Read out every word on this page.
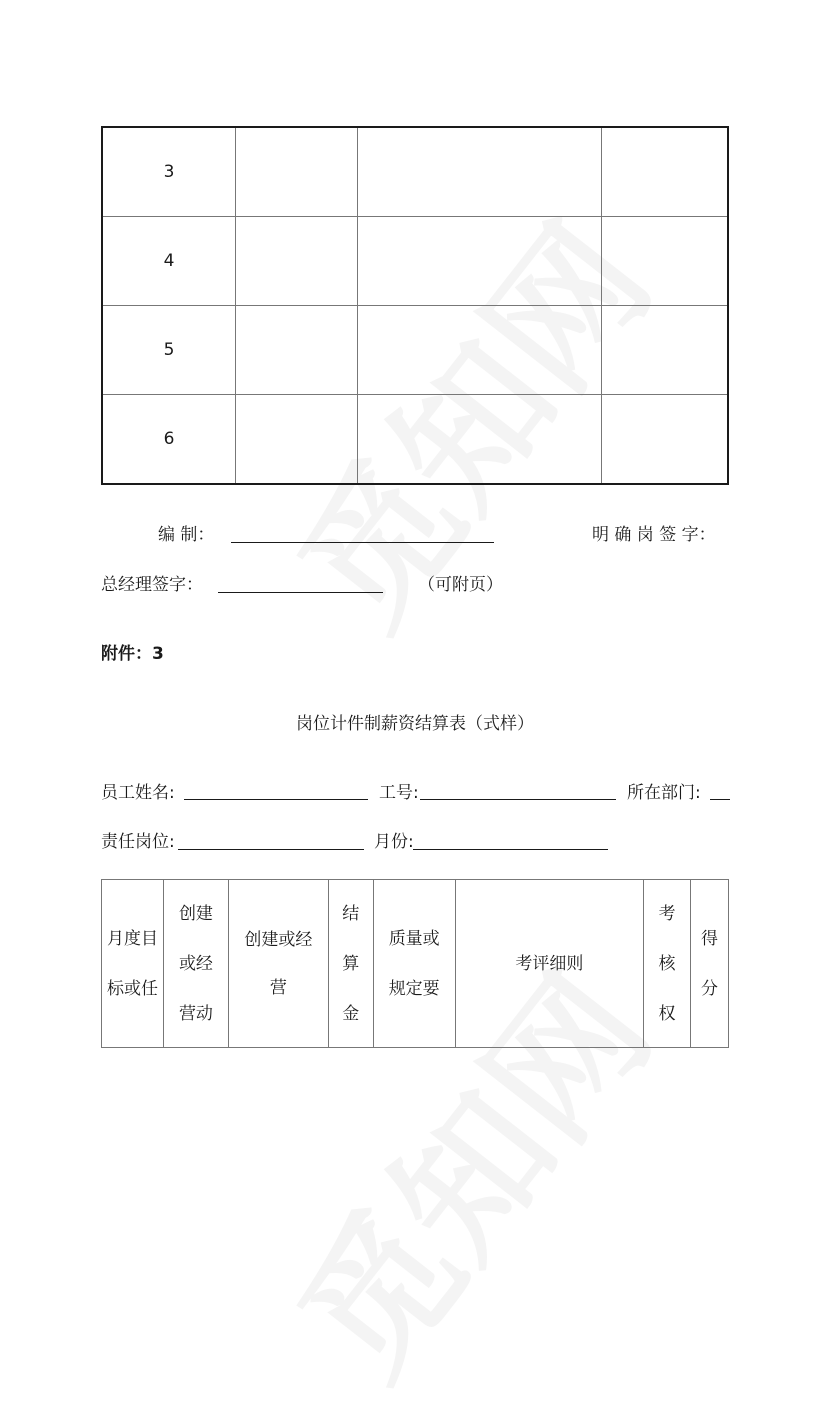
3			
4			
5			
6			
编 制：	明 确 岗 签 字：
总经理签字：	（可附页）
附件：3
岗位计件制薪资结算表（式样）
员工姓名:	工号:	所在部门:
责任岗位:	月份:
月度目标或任

创建或经营动

创建或经营

结算金

质量或规定要

考评细则

考核权

得分
